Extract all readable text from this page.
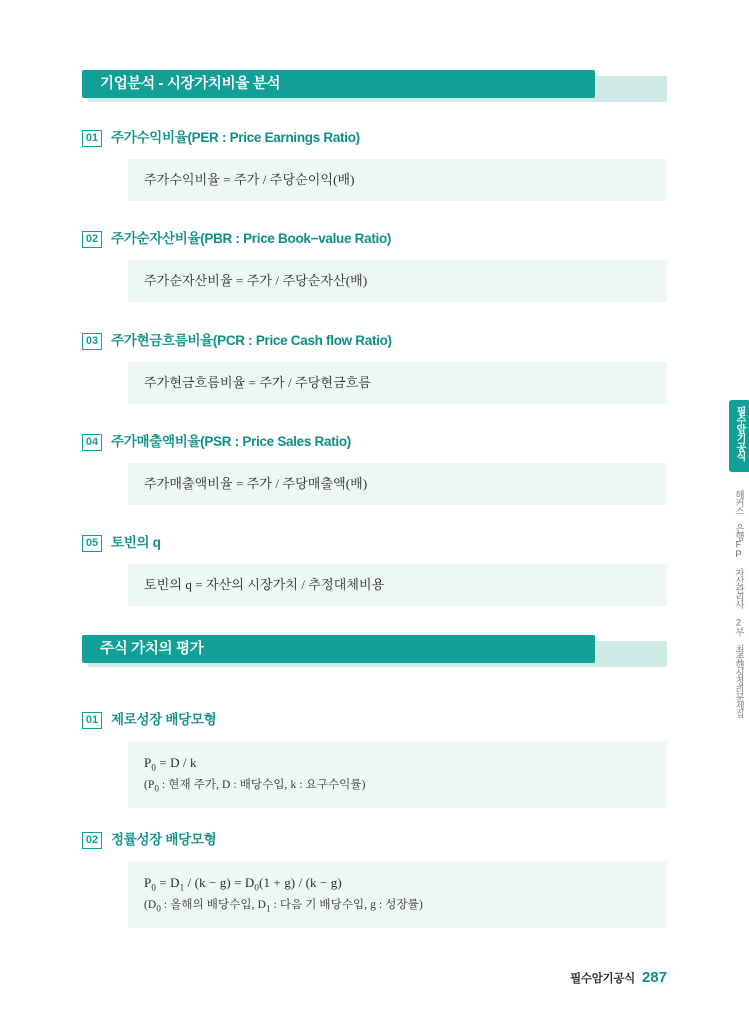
기업분석 - 시장가치비율 분석
01 주가수익비율(PER : Price Earnings Ratio)
주가수익비율 = 주가 / 주당순이익(배)
02 주가순자산비율(PBR : Price Book−value Ratio)
주가순자산비율 = 주가 / 주당순자산(배)
03 주가현금흐름비율(PCR : Price Cash flow Ratio)
주가현금흐름비율 = 주가 / 주당현금흐름
04 주가매출액비율(PSR : Price Sales Ratio)
주가매출액비율 = 주가 / 주당매출액(배)
05 토빈의 q
토빈의 q = 자산의 시장가치 / 추정대체비용
주식 가치의 평가
01 제로성장 배당모형
$P_0 = D / k$
($P_0$ : 현재 주가, D : 배당수입, k : 요구수익률)
02 정률성장 배당모형
$P_0 = D_1 / (k - g) = D_0(1 + g) / (k - g)$
($D_0$ : 올해의 배당수입, $D_1$ : 다음 기 배당수입, g : 성장률)
필수암기공식
해커스 은행FP 자산관리사 2부 최종핵심정리문제집
필수암기공식 287
